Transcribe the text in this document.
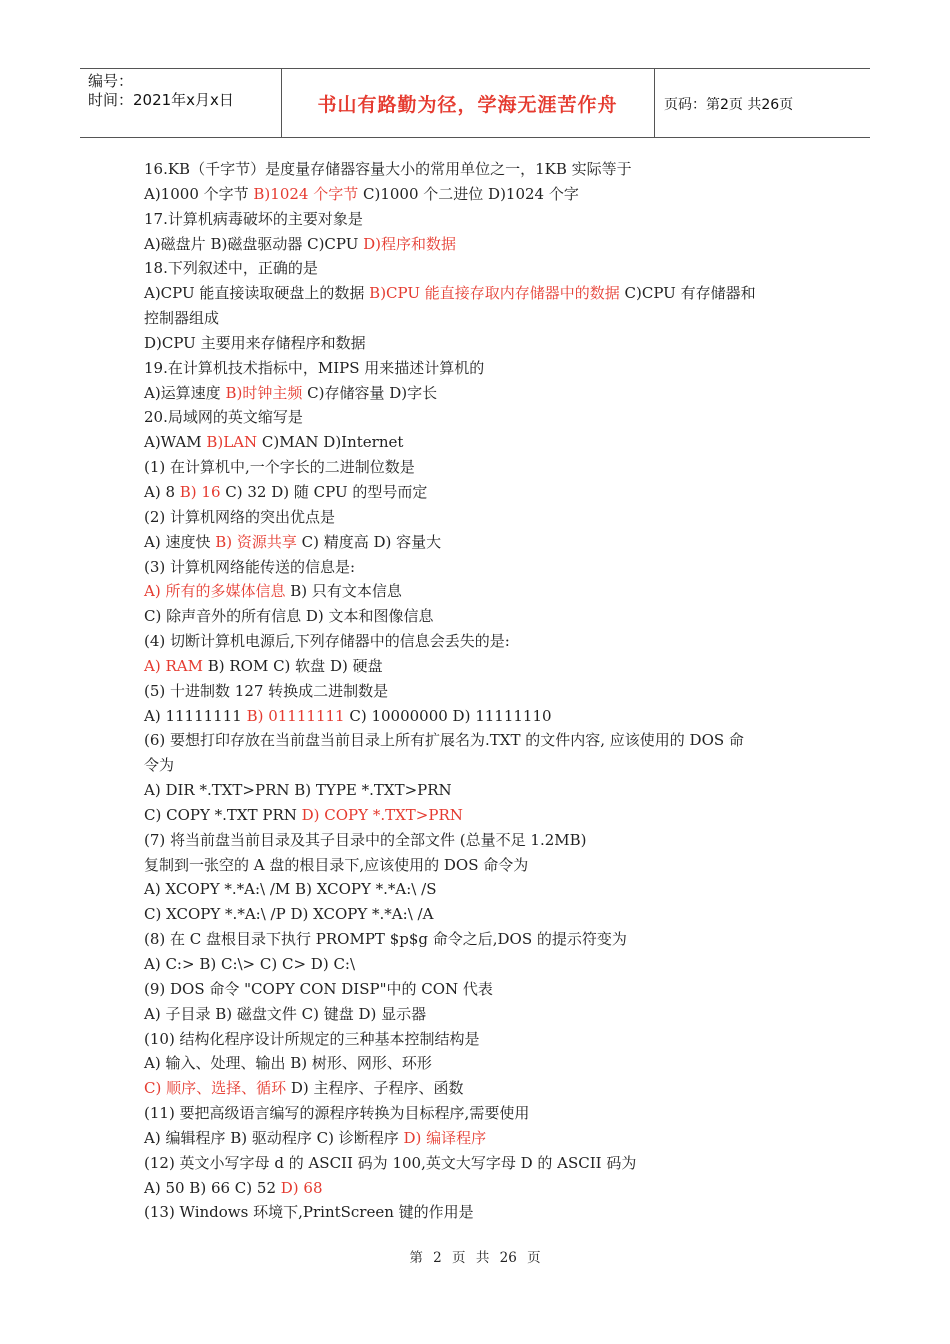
编号：
时间：2021年x月x日	书山有路勤为径，学海无涯苦作舟	页码：第2页 共26页
16.KB（千字节）是度量存储器容量大小的常用单位之一，1KB 实际等于
A)1000 个字节 B)1024 个字节 C)1000 个二进位 D)1024 个字
17.计算机病毒破坏的主要对象是
A)磁盘片 B)磁盘驱动器 C)CPU D)程序和数据
18.下列叙述中，正确的是
A)CPU 能直接读取硬盘上的数据 B)CPU 能直接存取内存储器中的数据 C)CPU 有存储器和
控制器组成
D)CPU 主要用来存储程序和数据
19.在计算机技术指标中，MIPS 用来描述计算机的
A)运算速度 B)时钟主频 C)存储容量 D)字长
20.局域网的英文缩写是
A)WAM B)LAN C)MAN D)Internet
(1) 在计算机中,一个字长的二进制位数是
A) 8 B) 16 C) 32 D) 随 CPU 的型号而定
(2) 计算机网络的突出优点是
A) 速度快 B) 资源共享 C) 精度高 D) 容量大
(3) 计算机网络能传送的信息是:
A) 所有的多媒体信息 B) 只有文本信息
C) 除声音外的所有信息 D) 文本和图像信息
(4) 切断计算机电源后,下列存储器中的信息会丢失的是:
A) RAM B) ROM C) 软盘 D) 硬盘
(5) 十进制数 127 转换成二进制数是
A) 11111111 B) 01111111 C) 10000000 D) 11111110
(6) 要想打印存放在当前盘当前目录上所有扩展名为.TXT 的文件内容, 应该使用的 DOS 命
令为
A) DIR *.TXT>PRN B) TYPE *.TXT>PRN
C) COPY *.TXT PRN D) COPY *.TXT>PRN
(7) 将当前盘当前目录及其子目录中的全部文件 (总量不足 1.2MB)
复制到一张空的 A 盘的根目录下,应该使用的 DOS 命令为
A) XCOPY *.*A:\ /M B) XCOPY *.*A:\ /S
C) XCOPY *.*A:\ /P D) XCOPY *.*A:\ /A
(8) 在 C 盘根目录下执行 PROMPT $p$g 命令之后,DOS 的提示符变为
A) C:> B) C:\> C) C> D) C:\
(9) DOS 命令 "COPY CON DISP"中的 CON 代表
A) 子目录 B) 磁盘文件 C) 键盘 D) 显示器
(10) 结构化程序设计所规定的三种基本控制结构是
A) 输入、处理、输出 B) 树形、网形、环形
C) 顺序、选择、循环 D) 主程序、子程序、函数
(11) 要把高级语言编写的源程序转换为目标程序,需要使用
A) 编辑程序 B) 驱动程序 C) 诊断程序 D) 编译程序
(12) 英文小写字母 d 的 ASCII 码为 100,英文大写字母 D 的 ASCII 码为
A) 50 B) 66 C) 52 D) 68
(13) Windows 环境下,PrintScreen 键的作用是
第 2 页 共 26 页
